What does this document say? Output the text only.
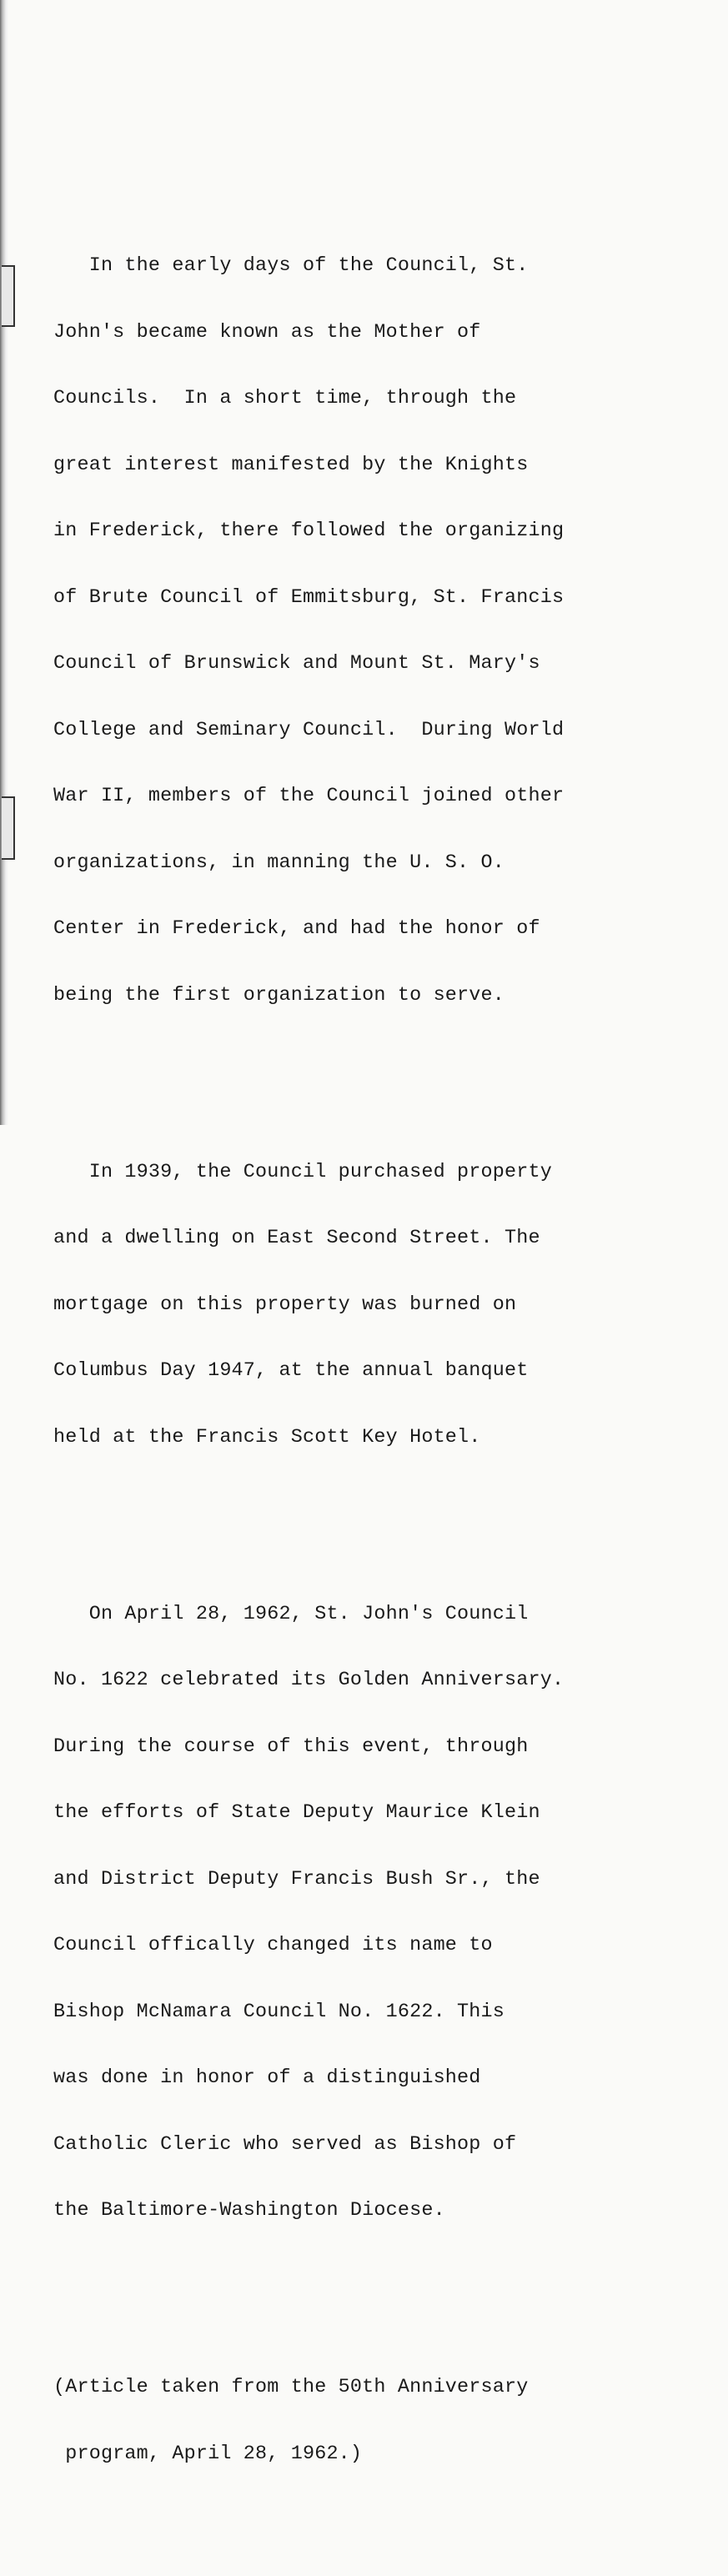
In the early days of the Council, St.

John's became known as the Mother of

Councils.  In a short time, through the

great interest manifested by the Knights

in Frederick, there followed the organizing

of Brute Council of Emmitsburg, St. Francis

Council of Brunswick and Mount St. Mary's

College and Seminary Council.  During World

War II, members of the Council joined other

organizations, in manning the U. S. O.

Center in Frederick, and had the honor of

being the first organization to serve.

In 1939, the Council purchased property

and a dwelling on East Second Street. The

mortgage on this property was burned on

Columbus Day 1947, at the annual banquet

held at the Francis Scott Key Hotel.

On April 28, 1962, St. John's Council

No. 1622 celebrated its Golden Anniversary.

During the course of this event, through

the efforts of State Deputy Maurice Klein

and District Deputy Francis Bush Sr., the

Council offically changed its name to

Bishop McNamara Council No. 1622. This

was done in honor of a distinguished

Catholic Cleric who served as Bishop of

the Baltimore-Washington Diocese.

(Article taken from the 50th Anniversary

program, April 28, 1962.)
